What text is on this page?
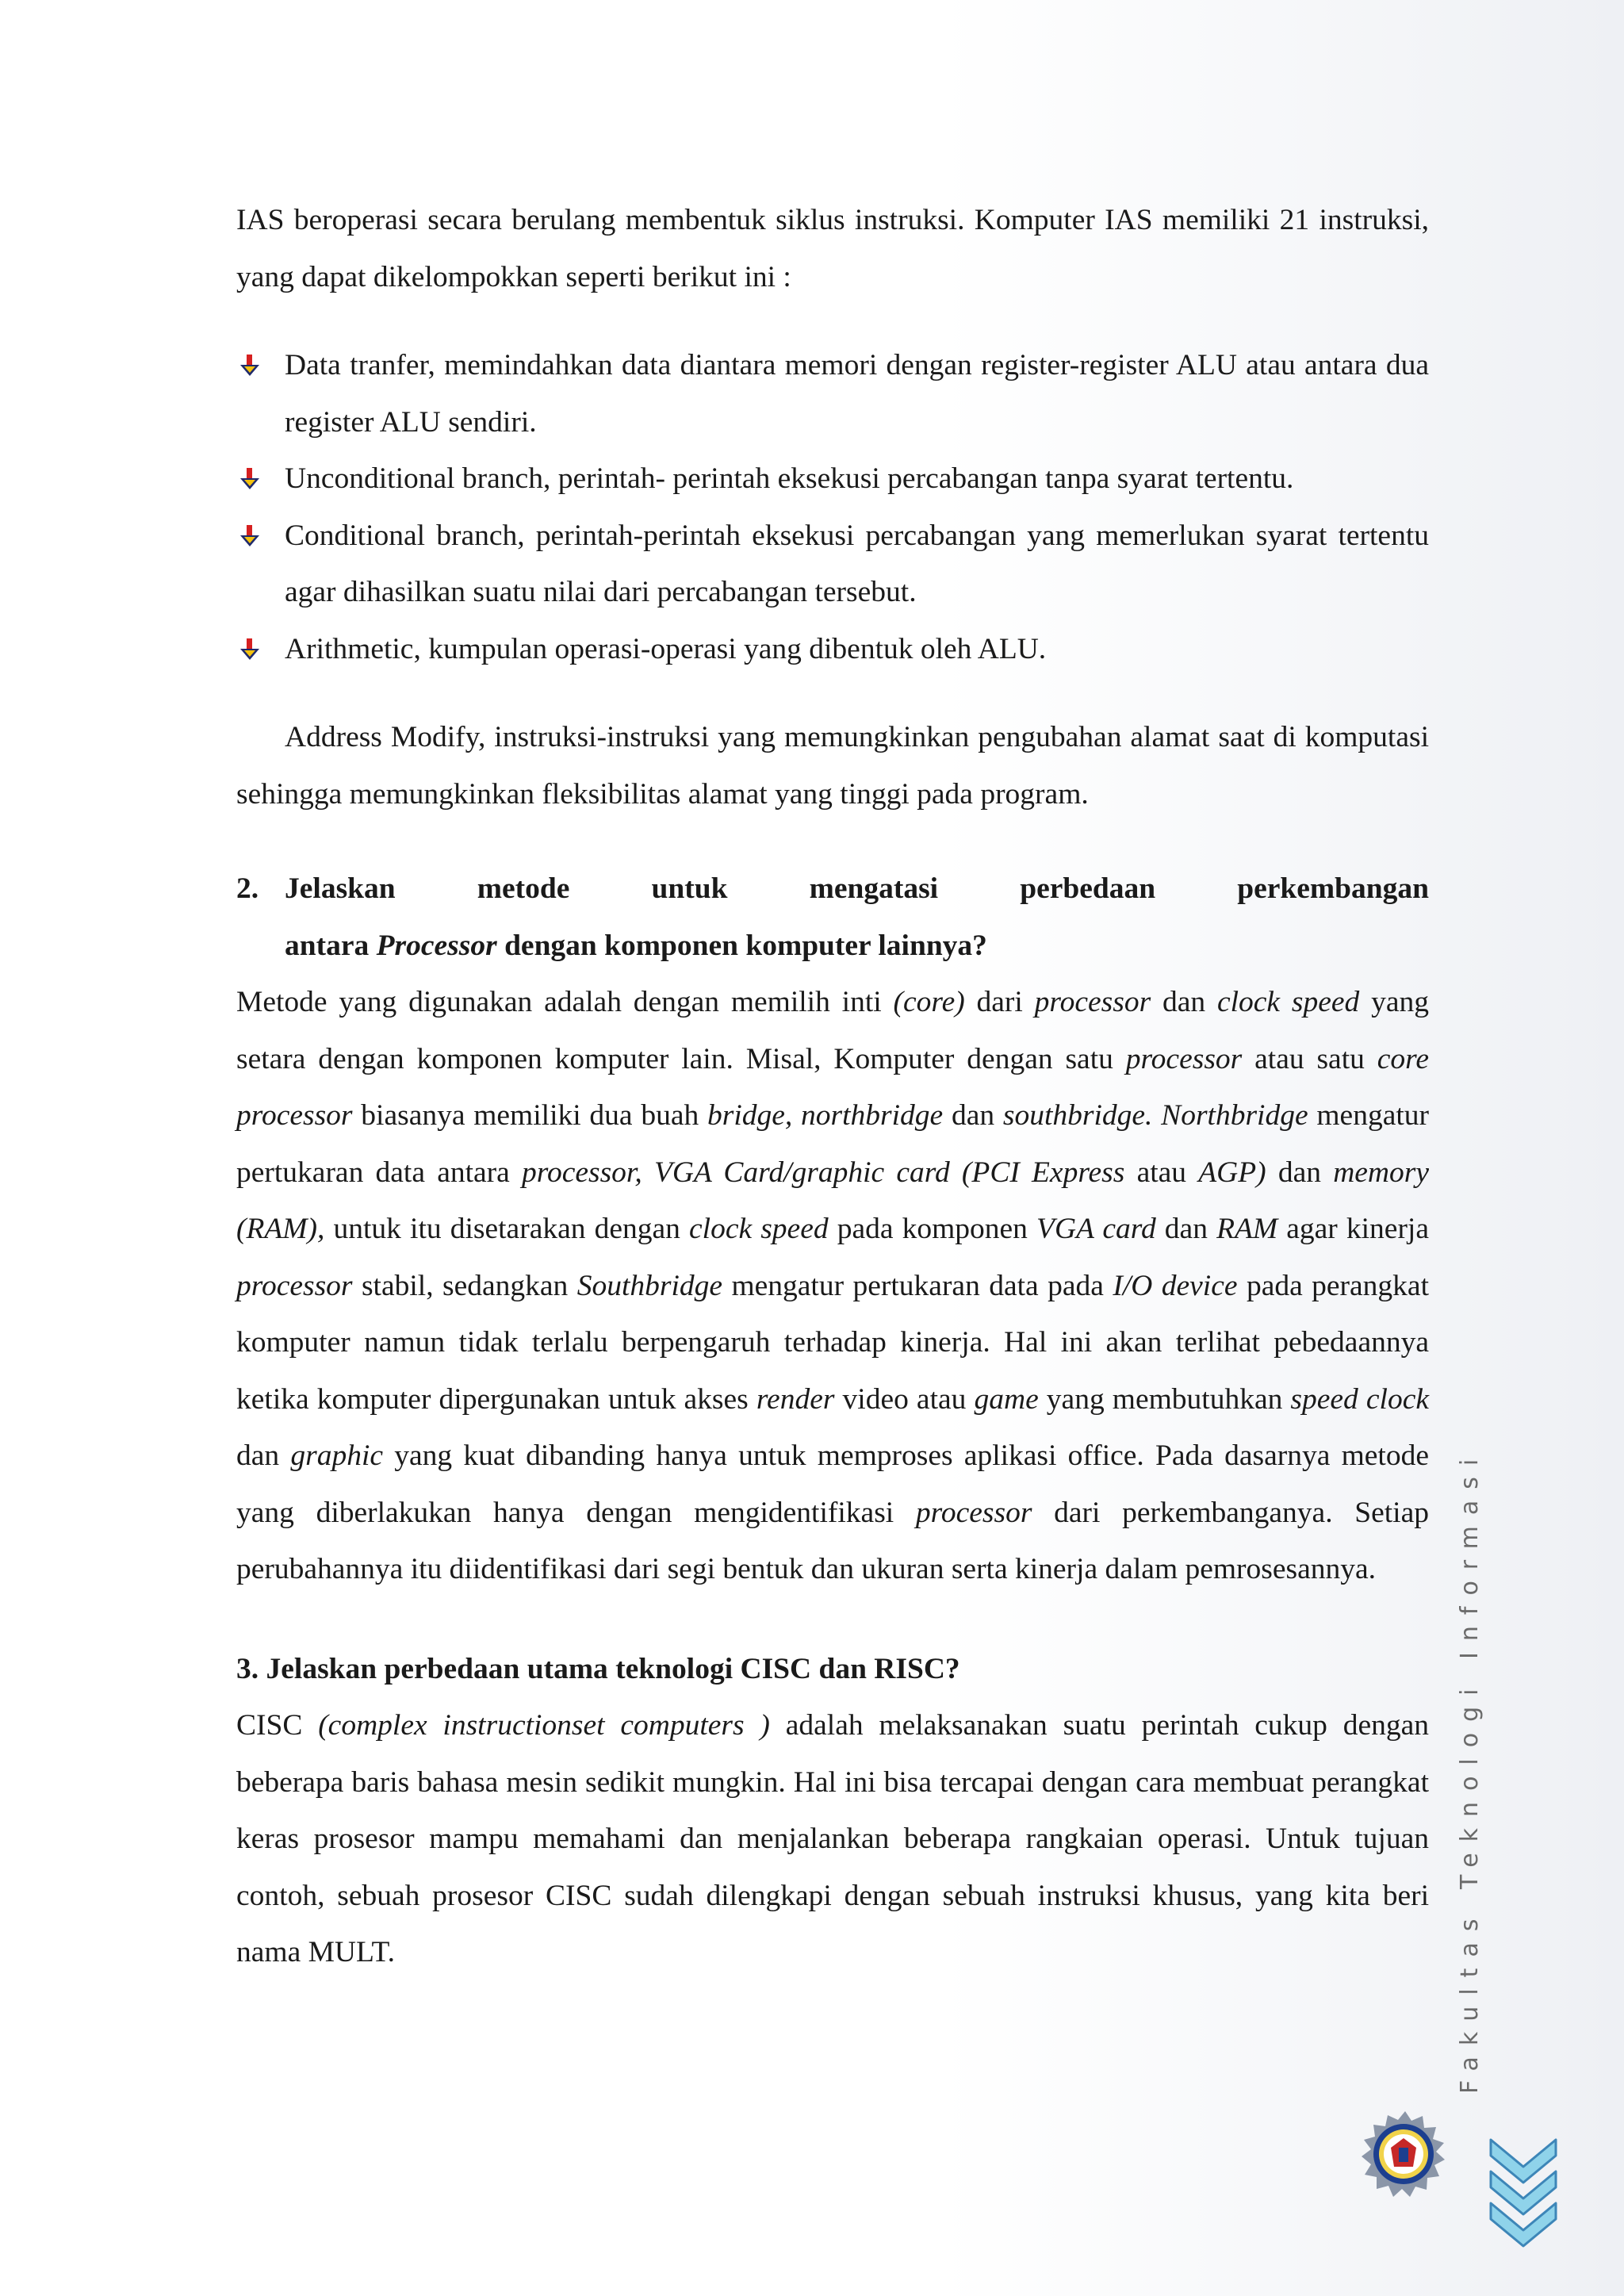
IAS beroperasi secara berulang membentuk siklus instruksi. Komputer IAS memiliki 21 instruksi, yang dapat dikelompokkan seperti berikut ini :

Data tranfer, memindahkan data diantara memori dengan register-register ALU atau antara dua register ALU sendiri.
Unconditional branch, perintah- perintah eksekusi percabangan tanpa syarat tertentu.
Conditional branch, perintah-perintah eksekusi percabangan yang memerlukan syarat tertentu agar dihasilkan suatu nilai dari percabangan tersebut.
Arithmetic, kumpulan operasi-operasi yang dibentuk oleh ALU.

Address Modify, instruksi-instruksi yang memungkinkan pengubahan alamat saat di komputasi sehingga memungkinkan fleksibilitas alamat yang tinggi pada program.

2. Jelaskan	metode	untuk	mengatasi	perbedaan	perkembangan
antara Processor dengan komponen komputer lainnya?

Metode yang digunakan adalah dengan memilih inti (core) dari processor dan clock speed yang setara dengan komponen komputer lain. Misal, Komputer dengan satu processor atau satu core processor biasanya memiliki dua buah bridge, northbridge dan southbridge. Northbridge mengatur pertukaran data antara processor, VGA Card/graphic card (PCI Express atau AGP) dan memory (RAM), untuk itu disetarakan dengan clock speed pada komponen VGA card dan RAM agar kinerja processor stabil, sedangkan Southbridge mengatur pertukaran data pada I/O device pada perangkat komputer namun tidak terlalu berpengaruh terhadap kinerja. Hal ini akan terlihat pebedaannya ketika komputer dipergunakan untuk akses render video atau game yang membutuhkan speed clock dan graphic yang kuat dibanding hanya untuk memproses aplikasi office. Pada dasarnya metode yang diberlakukan hanya dengan mengidentifikasi processor dari perkembanganya. Setiap perubahannya itu diidentifikasi dari segi bentuk dan ukuran serta kinerja dalam pemrosesannya.

3. Jelaskan perbedaan utama teknologi CISC dan RISC?

CISC (complex instructionset computers ) adalah melaksanakan suatu perintah cukup dengan beberapa baris bahasa mesin sedikit mungkin. Hal ini bisa tercapai dengan cara membuat perangkat keras prosesor mampu memahami dan menjalankan beberapa rangkaian operasi. Untuk tujuan contoh, sebuah prosesor CISC sudah dilengkapi dengan sebuah instruksi khusus, yang kita beri nama MULT.	Fakultas Teknologi Informasi
